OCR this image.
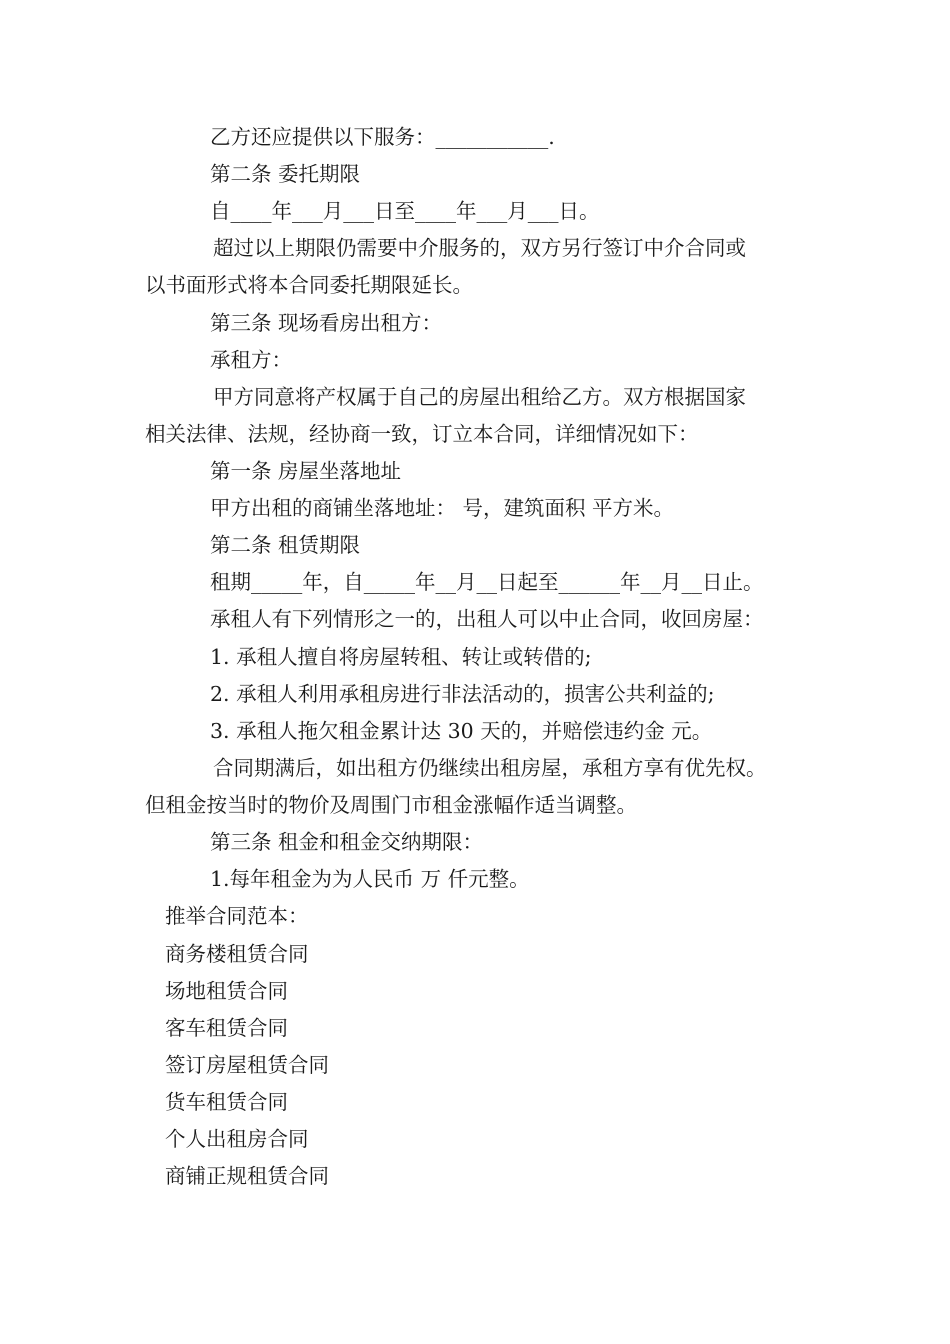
乙方还应提供以下服务：___________.

第二条 委托期限

自____年___月___日至____年___月___日。

超过以上期限仍需要中介服务的，双方另行签订中介合同或

以书面形式将本合同委托期限延长。

第三条 现场看房出租方：

承租方：

甲方同意将产权属于自己的房屋出租给乙方。双方根据国家

相关法律、法规，经协商一致，订立本合同，详细情况如下：

第一条 房屋坐落地址

甲方出租的商铺坐落地址： 号，建筑面积 平方米。

第二条 租赁期限

租期_____年，自_____年__月__日起至______年__月__日止。

承租人有下列情形之一的，出租人可以中止合同，收回房屋：

1. 承租人擅自将房屋转租、转让或转借的;

2. 承租人利用承租房进行非法活动的，损害公共利益的;

3. 承租人拖欠租金累计达 30 天的，并赔偿违约金 元。

合同期满后，如出租方仍继续出租房屋，承租方享有优先权。

但租金按当时的物价及周围门市租金涨幅作适当调整。

第三条 租金和租金交纳期限：

1.每年租金为为人民币 万 仟元整。

推举合同范本：

商务楼租赁合同

场地租赁合同

客车租赁合同

签订房屋租赁合同

货车租赁合同

个人出租房合同

商铺正规租赁合同
